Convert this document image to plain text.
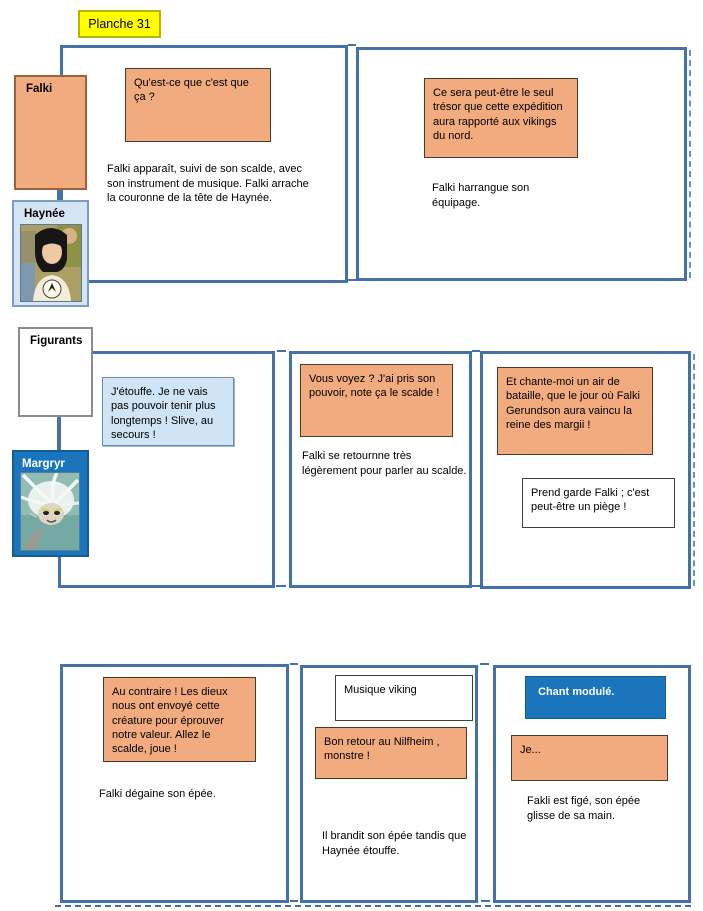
Planche 31
Qu'est-ce que c'est que ça ?
Falki apparaît, suivi de son scalde, avec son instrument de musique. Falki arrache la couronne de la tête de Haynée.
Ce sera peut-être le seul trésor que cette expédition aura rapporté aux vikings du nord.
Falki harrangue son équipage.
J'étouffe. Je ne vais pas pouvoir tenir plus longtemps ! Slive, au secours !
Vous voyez ? J'ai pris son pouvoir, note ça le scalde !
Falki se retournne très légèrement pour parler au scalde.
Et chante-moi un air de bataille, que le jour où Falki Gerundson aura vaincu la reine des margii !
Prend garde Falki ; c'est peut-être un piège !
Au contraire ! Les dieux nous ont envoyé cette créature pour éprouver notre valeur. Allez le scalde, joue !
Falki dégaine son épée.
Musique viking
Bon retour au Nilfheim , monstre !
Il brandit son épée tandis que Haynée étouffe.
Chant modulé.
Je...
Fakli est figé, son épée glisse de sa main.
Falki
Haynée
Figurants
Margryr
